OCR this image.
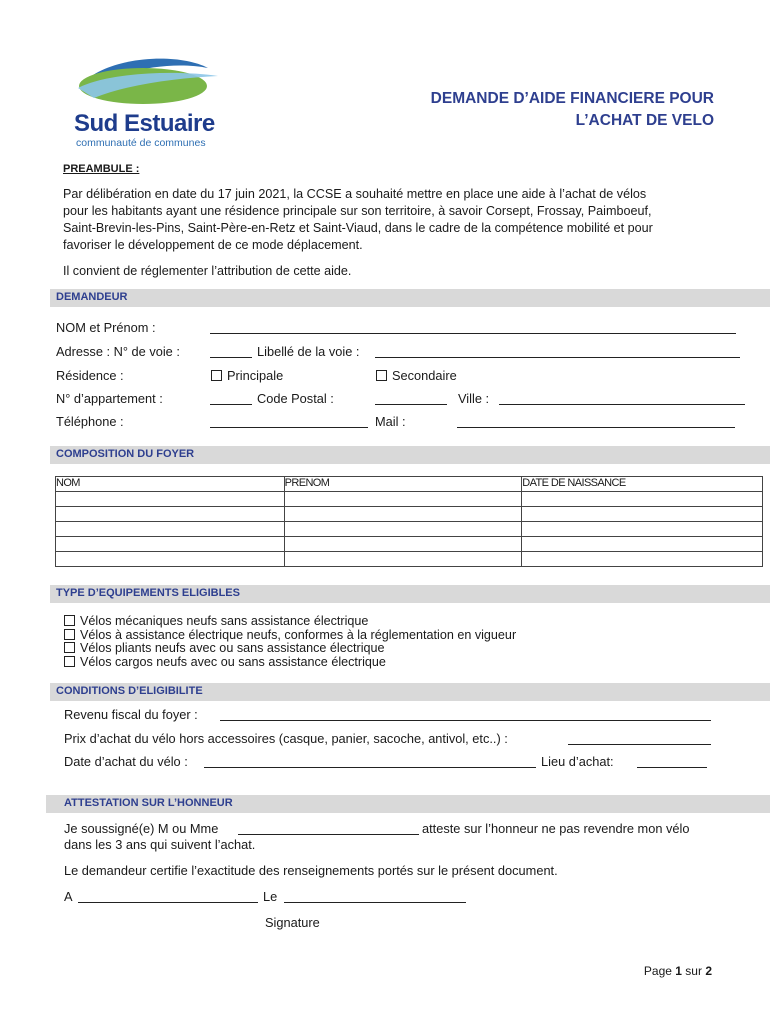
Sud Estuaire
communauté de communes
DEMANDE D’AIDE FINANCIERE POUR
L’ACHAT DE VELO
PREAMBULE :
Par délibération en date du 17 juin 2021, la CCSE a souhaité mettre en place une aide à l’achat de vélos
pour les habitants ayant une résidence principale sur son territoire, à savoir Corsept, Frossay, Paimboeuf,
Saint-Brevin-les-Pins, Saint-Père-en-Retz et Saint-Viaud, dans le cadre de la compétence mobilité et pour
favoriser le développement de ce mode déplacement.
Il convient de réglementer l’attribution de cette aide.
DEMANDEUR
NOM et Prénom :
Adresse : N° de voie :	Libellé de la voie :
Résidence :	Principale	Secondaire
N° d’appartement :	Code Postal :	Ville :
Téléphone :	Mail :
COMPOSITION DU FOYER
NOM	PRENOM	DATE DE NAISSANCE

TYPE D’EQUIPEMENTS ELIGIBLES
Vélos mécaniques neufs sans assistance électrique
Vélos à assistance électrique neufs, conformes à la réglementation en vigueur
Vélos pliants neufs avec ou sans assistance électrique
Vélos cargos neufs avec ou sans assistance électrique
CONDITIONS D’ELIGIBILITE
Revenu fiscal du foyer :
Prix d’achat du vélo hors accessoires (casque, panier, sacoche, antivol, etc..) :
Date d’achat du vélo :	Lieu d’achat:
ATTESTATION SUR L’HONNEUR
Je soussigné(e) M ou Mme	atteste sur l’honneur ne pas revendre mon vélo
dans les 3 ans qui suivent l’achat.
Le demandeur certifie l’exactitude des renseignements portés sur le présent document.
A	Le
Signature
Page 1 sur 2
